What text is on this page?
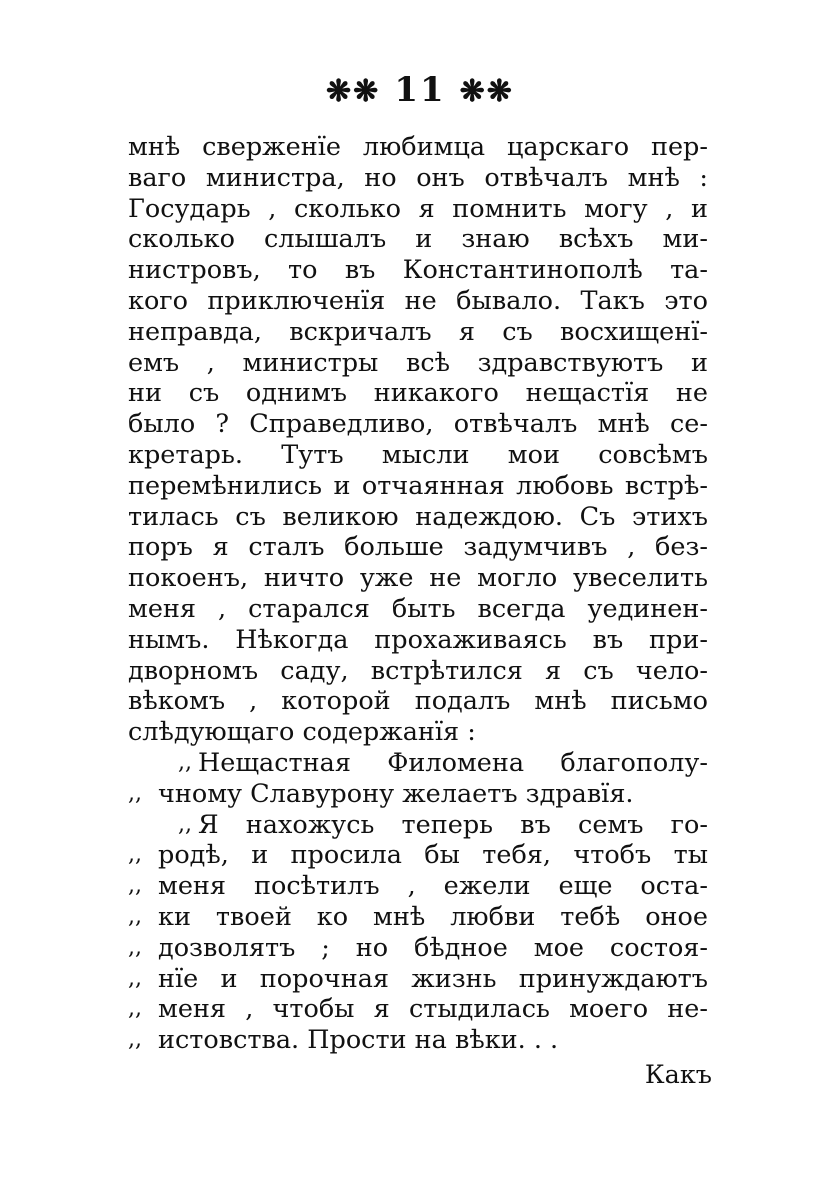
❋❋ 11 ❋❋
мнѣ сверженїе любимца царскаго пер-
ваго министра, но онъ отвѣчалъ мнѣ :
Государь , сколько я помнить могу , и
сколько слышалъ и знаю всѣхъ ми-
нистровъ, то въ Константинополѣ та-
кого приключенїя не бывало. Такъ это
неправда, вскричалъ я съ восхищенї-
емъ , министры всѣ здравствуютъ и
ни съ однимъ никакого нещастїя не
было ? Справедливо, отвѣчалъ мнѣ се-
кретарь. Тутъ мысли мои совсѣмъ
перемѣнились и отчаянная любовь встрѣ-
тилась съ великою надеждою. Съ этихъ
поръ я сталъ больше задумчивъ , без-
покоенъ, ничто уже не могло увеселить
меня , старался быть всегда уединен-
нымъ. Нѣкогда прохаживаясь въ при-
дворномъ саду, встрѣтился я съ чело-
вѣкомъ , которой подалъ мнѣ письмо
слѣдующаго содержанїя :
,, Нещастная Филомена благополу-
,, чному Славурону желаетъ здравїя.
,, Я нахожусь теперь въ семъ го-
,, родѣ, и просила бы тебя, чтобъ ты
,, меня посѣтилъ , ежели еще оста-
,, ки твоей ко мнѣ любви тебѣ оное
,, дозволятъ ; но бѣдное мое состоя-
,, нїе и порочная жизнь принуждаютъ
,, меня , чтобы я стыдилась моего не-
,, истовства. Прости на вѣки. . .
Какъ
